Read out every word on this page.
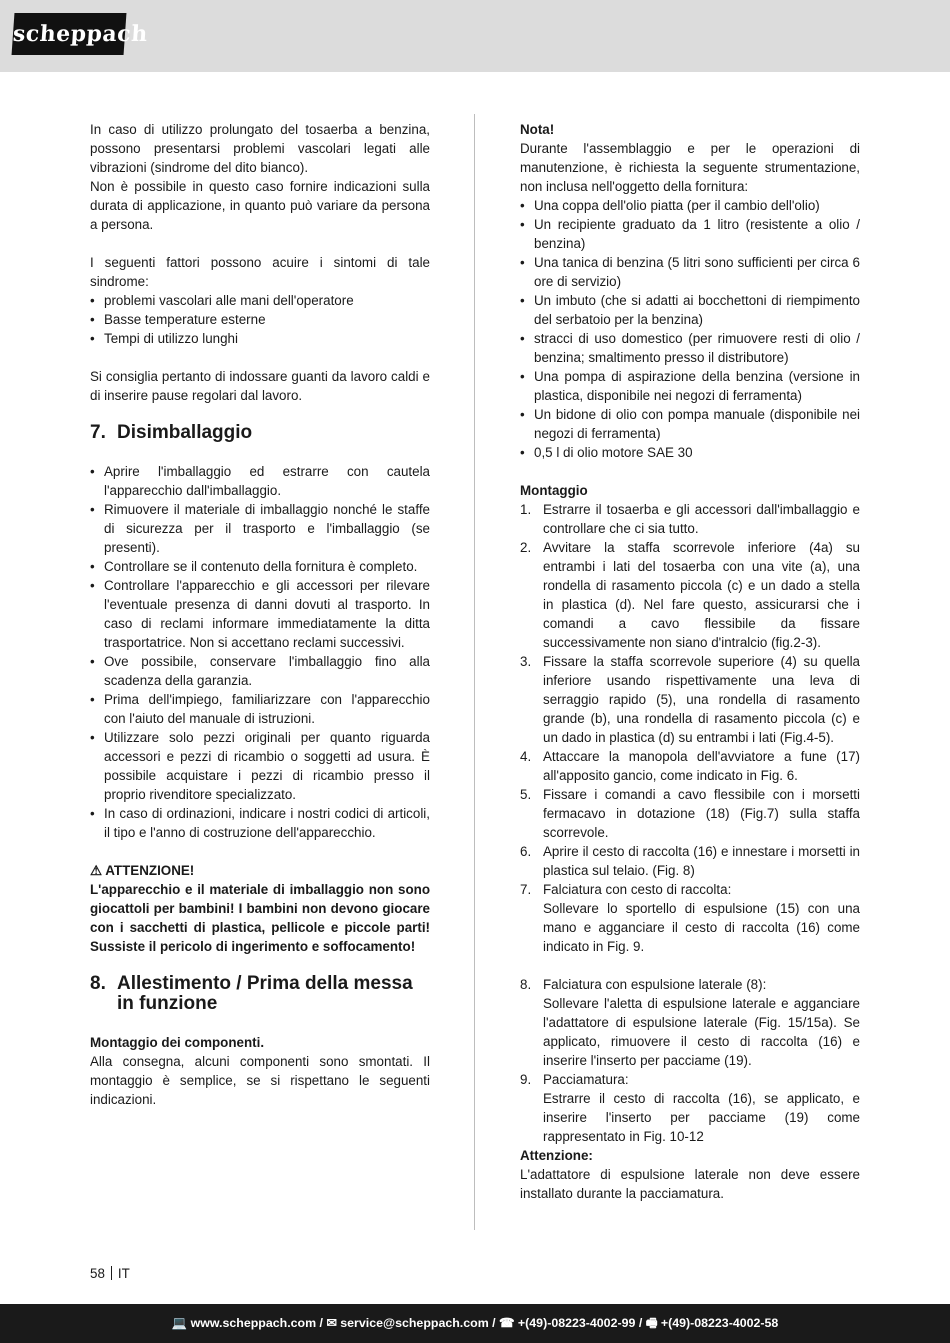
scheppach

In caso di utilizzo prolungato del tosaerba a benzina, possono presentarsi problemi vascolari legati alle vibrazioni (sindrome del dito bianco).

Non è possibile in questo caso fornire indicazioni sulla durata di applicazione, in quanto può variare da persona a persona.

I seguenti fattori possono acuire i sintomi di tale sindrome:

• problemi vascolari alle mani dell'operatore
• Basse temperature esterne
• Tempi di utilizzo lunghi

Si consiglia pertanto di indossare guanti da lavoro caldi e di inserire pause regolari dal lavoro.

7. Disimballaggio
• Aprire l'imballaggio ed estrarre con cautela l'apparecchio dall'imballaggio.
• Rimuovere il materiale di imballaggio nonché le staffe di sicurezza per il trasporto e l'imballaggio (se presenti).
• Controllare se il contenuto della fornitura è completo.
• Controllare l'apparecchio e gli accessori per rilevare l'eventuale presenza di danni dovuti al trasporto. In caso di reclami informare immediatamente la ditta trasportatrice. Non si accettano reclami successivi.
• Ove possibile, conservare l'imballaggio fino alla scadenza della garanzia.
• Prima dell'impiego, familiarizzare con l'apparecchio con l'aiuto del manuale di istruzioni.
• Utilizzare solo pezzi originali per quanto riguarda accessori e pezzi di ricambio o soggetti ad usura. È possibile acquistare i pezzi di ricambio presso il proprio rivenditore specializzato.
• In caso di ordinazioni, indicare i nostri codici di articoli, il tipo e l'anno di costruzione dell'apparecchio.
⚠ ATTENZIONE!

L'apparecchio e il materiale di imballaggio non sono giocattoli per bambini! I bambini non devono giocare con i sacchetti di plastica, pellicole e piccole parti! Sussiste il pericolo di ingerimento e soffocamento!

8. Allestimento / Prima della messa
in funzione

Montaggio dei componenti.

Alla consegna, alcuni componenti sono smontati. Il montaggio è semplice, se si rispettano le seguenti indicazioni.

Nota!

Durante l'assemblaggio e per le operazioni di manutenzione, è richiesta la seguente strumentazione, non inclusa nell'oggetto della fornitura:

• Una coppa dell'olio piatta (per il cambio dell'olio)
• Un recipiente graduato da 1 litro (resistente a olio / benzina)
• Una tanica di benzina (5 litri sono sufficienti per circa 6 ore di servizio)
• Un imbuto (che si adatti ai bocchettoni di riempimento del serbatoio per la benzina)
• stracci di uso domestico (per rimuovere resti di olio / benzina; smaltimento presso il distributore)
• Una pompa di aspirazione della benzina (versione in plastica, disponibile nei negozi di ferramenta)
• Un bidone di olio con pompa manuale (disponibile nei negozi di ferramenta)
• 0,5 l di olio motore SAE 30

Montaggio

1. Estrarre il tosaerba e gli accessori dall'imballaggio e controllare che ci sia tutto.
2. Avvitare la staffa scorrevole inferiore (4a) su entrambi i lati del tosaerba con una vite (a), una rondella di rasamento piccola (c) e un dado a stella in plastica (d). Nel fare questo, assicurarsi che i comandi a cavo flessibile da fissare successivamente non siano d'intralcio (fig.2-3).
3. Fissare la staffa scorrevole superiore (4) su quella inferiore usando rispettivamente una leva di serraggio rapido (5), una rondella di rasamento grande (b), una rondella di rasamento piccola (c) e un dado in plastica (d) su entrambi i lati (Fig.4-5).
4. Attaccare la manopola dell'avviatore a fune (17) all'apposito gancio, come indicato in Fig. 6.
5. Fissare i comandi a cavo flessibile con i morsetti fermacavo in dotazione (18) (Fig.7) sulla staffa scorrevole.
6. Aprire il cesto di raccolta (16) e innestare i morsetti in plastica sul telaio. (Fig. 8)
7. Falciatura con cesto di raccolta:
Sollevare lo sportello di espulsione (15) con una mano e agganciare il cesto di raccolta (16) come indicato in Fig. 9.
8. Falciatura con espulsione laterale (8):
Sollevare l'aletta di espulsione laterale e agganciare l'adattatore di espulsione laterale (Fig. 15/15a). Se applicato, rimuovere il cesto di raccolta (16) e inserire l'inserto per pacciame (19).
9. Pacciamatura:
Estrarre il cesto di raccolta (16), se applicato, e inserire l'inserto per pacciame (19) come rappresentato in Fig. 10-12

Attenzione:

L'adattatore di espulsione laterale non deve essere installato durante la pacciamatura.

58 IT
💻 www.scheppach.com / ✉ service@scheppach.com / ☎ +(49)-08223-4002-99 / 🖷 +(49)-08223-4002-58
